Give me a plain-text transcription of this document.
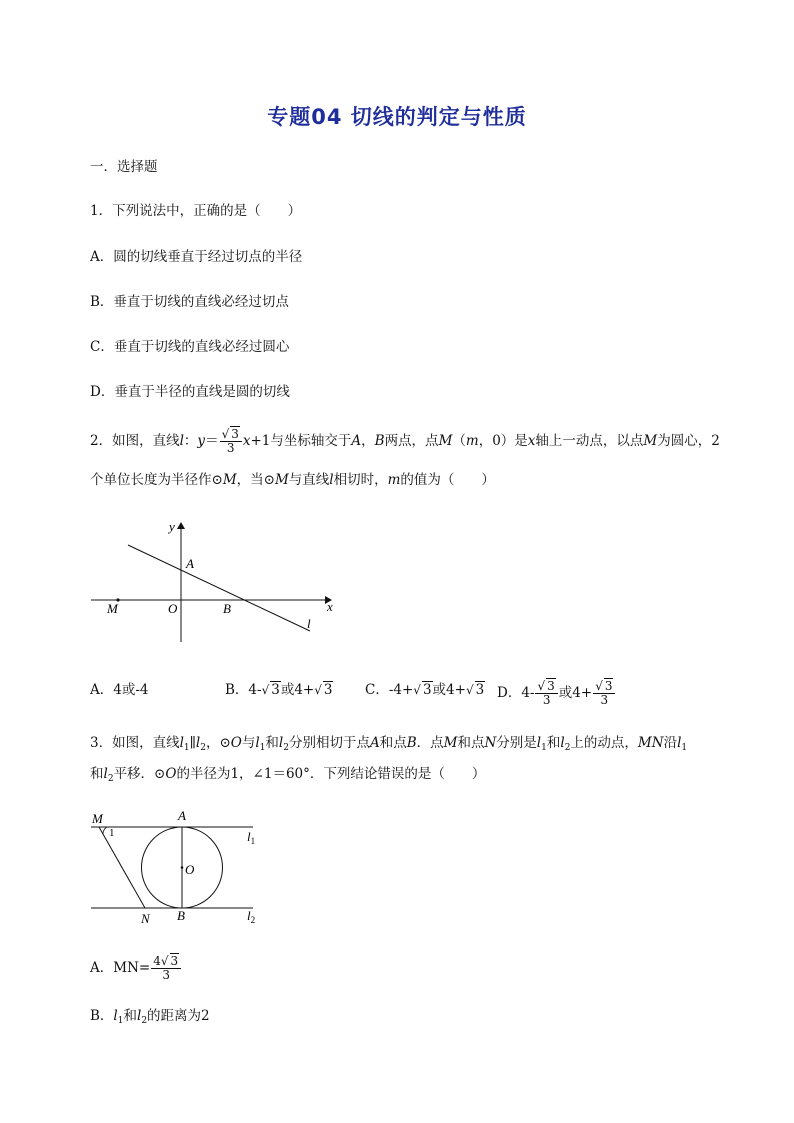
专题04 切线的判定与性质
一．选择题
1．下列说法中，正确的是（　　）
A．圆的切线垂直于经过切点的半径
B．垂直于切线的直线必经过切点
C．垂直于切线的直线必经过圆心
D．垂直于半径的直线是圆的切线
2．如图，直线l：$y= \frac{√ 3}{3} x+1$与坐标轴交于A，B两点，点M（m，0）是x轴上一动点，以点M为圆心，2
个单位长度为半径作⊙M，当⊙M与直线l相切时，m的值为（　　）
y
A
M	O	B	x
l
A．4或-4	B．4-√ 3或4+√ 3 C．-4+√ 3或4+√ 3 D．$4- \frac{√ 3}{3}$ 或$4+ \frac{√ 3}{3}$
3．如图，直线$l_1\parallel l_2$，⊙O与$l_1$和$l_2$分别相切于点A和点B．点M和点N分别是$l_1$和$l_2$上的动点，MN沿$l_1$
和$l_2$平移．⊙O的半径为1，∠1＝60°．下列结论错误的是（　　）
M
1
A
$l_1$
O
N B	$l_2$
A．$MN= \frac{4√ 3}{3}$
B．$l_1$和$l_2$的距离为2
